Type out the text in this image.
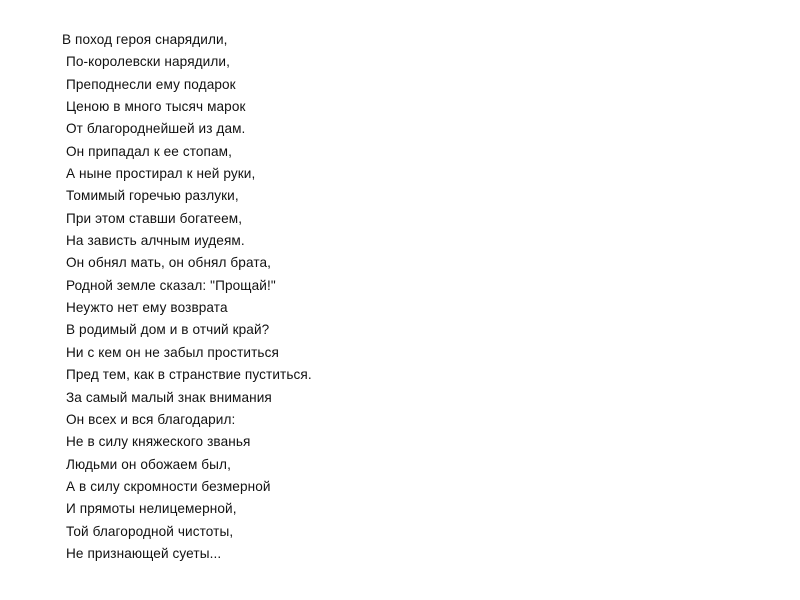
В поход героя снарядили,
По-королевски нарядили,
Преподнесли ему подарок
Ценою в много тысяч марок
От благороднейшей из дам.
Он припадал к ее стопам,
А ныне простирал к ней руки,
Томимый горечью разлуки,
При этом ставши богатеем,
На зависть алчным иудеям.
Он обнял мать, он обнял брата,
Родной земле сказал: "Прощай!"
Неужто нет ему возврата
В родимый дом и в отчий край?
Ни с кем он не забыл проститься
Пред тем, как в странствие пуститься.
За самый малый знак внимания
Он всех и вся благодарил:
Не в силу княжеского званья
Людьми он обожаем был,
А в силу скромности безмерной
И прямоты нелицемерной,
Той благородной чистоты,
Не признающей суеты...
